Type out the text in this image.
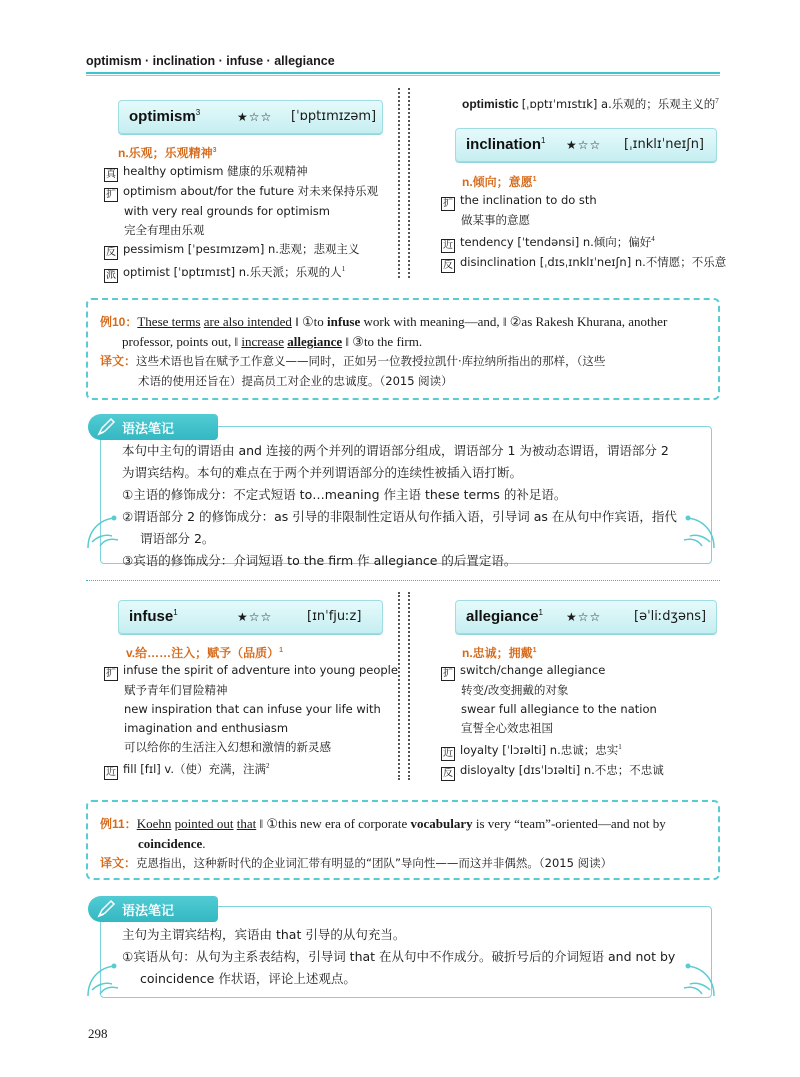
optimism · inclination · infuse · allegiance
optimism$^3$	★☆☆ [ˈɒptɪmɪzəm]
n.乐观；乐观精神$^3$
真 healthy optimism 健康的乐观精神
扩 optimism about/for the future 对未来保持乐观
with very real grounds for optimism
完全有理由乐观
反 pessimism [ˈpesɪmɪzəm] n.悲观；悲观主义
派 optimist [ˈɒptɪmɪst] n.乐天派；乐观的人$^1$
optimistic [ˌɒptɪˈmɪstɪk] a.乐观的；乐观主义的$^7$
inclination$^1$ ★☆☆ [ˌɪnklɪˈneɪʃn]
n.倾向；意愿$^1$
扩 the inclination to do sth
做某事的意愿
近 tendency [ˈtendənsi] n.倾向；偏好$^4$
反 disinclination [ˌdɪsˌɪnklɪˈneɪʃn] n.不情愿；不乐意
例10：These terms are also intended ‖ ①to infuse work with meaning—and, ‖ ②as Rakesh Khurana, another
professor, points out, ‖ increase allegiance ‖ ③to the firm.
译文：这些术语也旨在赋予工作意义——同时，正如另一位教授拉凯什·库拉纳所指出的那样，（这些
术语的使用还旨在）提高员工对企业的忠诚度。（2015 阅读）
语法笔记
本句中主句的谓语由 and 连接的两个并列的谓语部分组成，谓语部分 1 为被动态谓语，谓语部分 2
为谓宾结构。本句的难点在于两个并列谓语部分的连续性被插入语打断。
①主语的修饰成分：不定式短语 to…meaning 作主语 these terms 的补足语。
②谓语部分 2 的修饰成分：as 引导的非限制性定语从句作插入语，引导词 as 在从句中作宾语，指代
谓语部分 2。
③宾语的修饰成分：介词短语 to the firm 作 allegiance 的后置定语。
infuse$^1$	★☆☆	[ɪnˈfjuːz]
v.给……注入；赋予（品质）$^1$
扩 infuse the spirit of adventure into young people
赋予青年们冒险精神
new inspiration that can infuse your life with
imagination and enthusiasm
可以给你的生活注入幻想和激情的新灵感
近 fill [fɪl] v.（使）充满，注满$^2$
allegiance$^1$ ★☆☆	[əˈliːdʒəns]
n.忠诚；拥戴$^1$
扩 switch/change allegiance
转变/改变拥戴的对象
swear full allegiance to the nation
宣誓全心效忠祖国
近 loyalty [ˈlɔɪəlti] n.忠诚；忠实$^1$
反 disloyalty [dɪsˈlɔɪəlti] n.不忠；不忠诚
例11：Koehn pointed out that ‖ ①this new era of corporate vocabulary is very “team”-oriented—and not by
coincidence.
译文：克恩指出，这种新时代的企业词汇带有明显的“团队”导向性——而这并非偶然。（2015 阅读）
语法笔记
主句为主谓宾结构，宾语由 that 引导的从句充当。
①宾语从句：从句为主系表结构，引导词 that 在从句中不作成分。破折号后的介词短语 and not by
coincidence 作状语，评论上述观点。
298
